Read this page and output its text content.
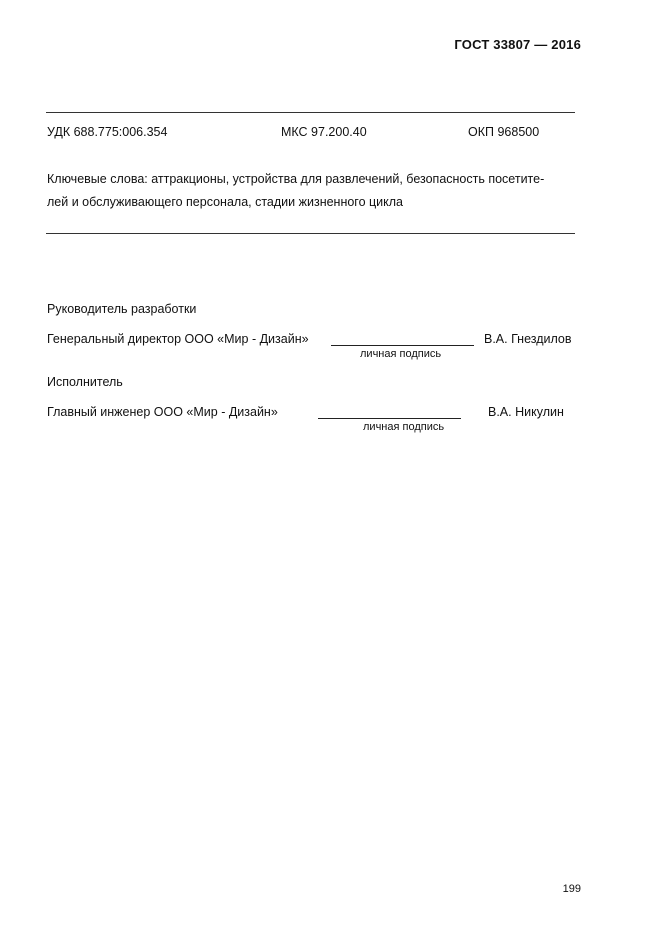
ГОСТ 33807 — 2016
УДК 688.775:006.354	МКС 97.200.40	ОКП 968500
Ключевые слова: аттракционы, устройства для развлечений, безопасность посетите-
лей и обслуживающего персонала, стадии жизненного цикла
Руководитель разработки
Генеральный директор ООО «Мир - Дизайн»
личная подпись
В.А. Гнездилов
Исполнитель
Главный инженер ООО «Мир - Дизайн»
личная подпись
В.А. Никулин
199
